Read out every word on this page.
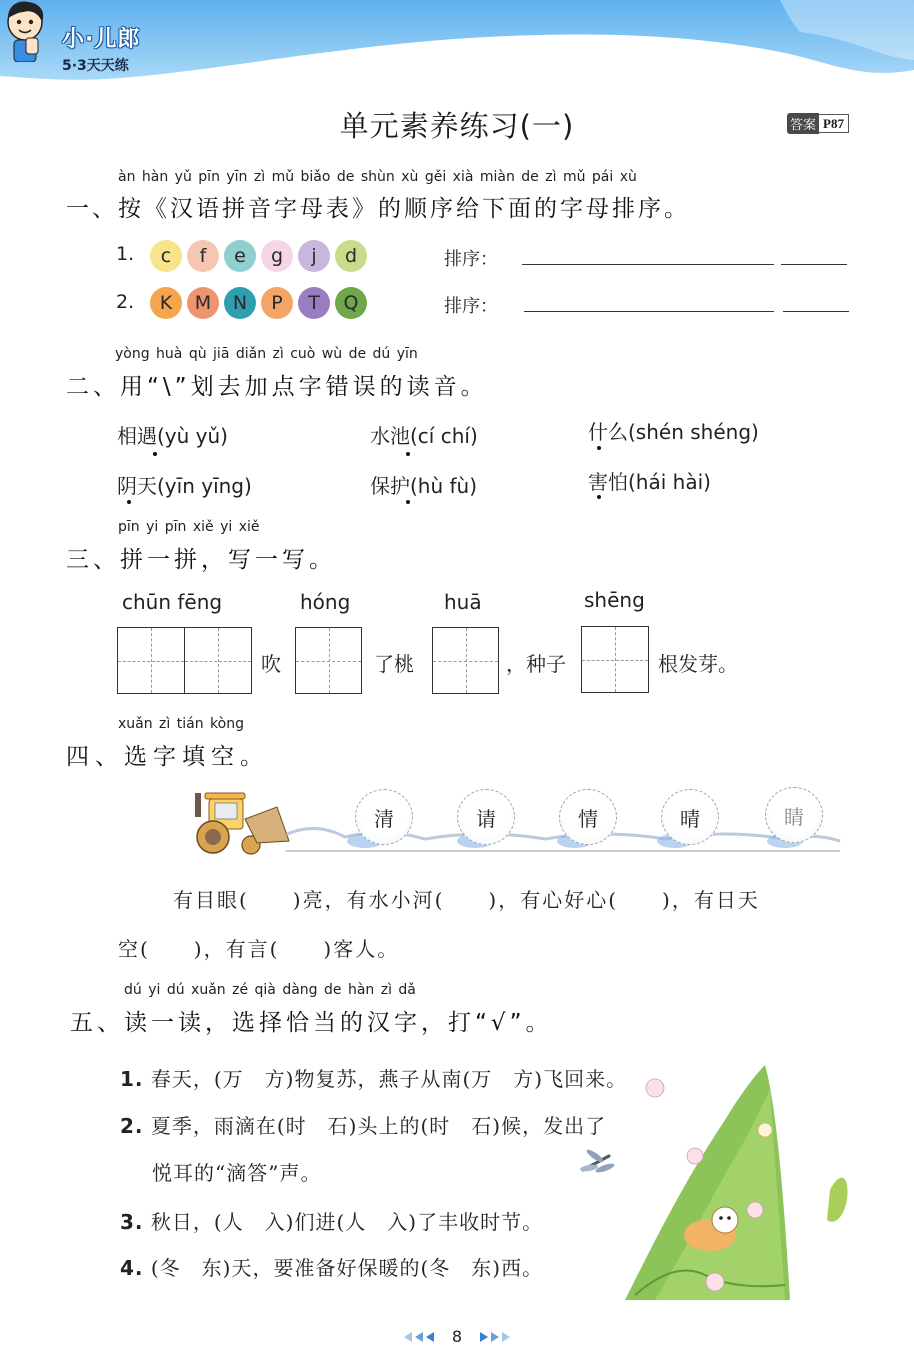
小·儿郎
5·3天天练
单元素养练习(一)	答案 P87
àn hàn yǔ pīn yīn zì mǔ biǎo de shùn xù gěi xià miàn de zì mǔ pái xù
一、按《汉语拼音字母表》的顺序给下面的字母排序。
1.	c	f	e	g	j	d	排序：
2.	K	M	N	P	T	Q	排序：
yòng huà qù jiā diǎn zì cuò wù de dú yīn
二、用“\”划去加点字错误的读音。
相遇(yù yǔ)	水池(cí chí)	什么(shén shéng)
阴天(yīn yīng)	保护(hù fù)	害怕(hái hài)
pīn yi pīn xiě yi xiě
三、拼一拼，写一写。
chūn fēng	hóng	huā	shēng
吹	了桃	，种子	根发芽。
xuǎn zì tián kòng
四、选字填空。
清	请	情	晴	睛
有目眼(　　)亮，有水小河(　　)，有心好心(　　)，有日天
空(　　)，有言(　　)客人。
dú yi dú xuǎn zé qià dàng de hàn zì dǎ
五、读一读，选择恰当的汉字，打“√”。
1. 春天，(万　方)物复苏，燕子从南(万　方)飞回来。
2. 夏季，雨滴在(时　石)头上的(时　石)候，发出了
悦耳的“滴答”声。
3. 秋日，(人　入)们进(人　入)了丰收时节。
4. (冬　东)天，要准备好保暖的(冬　东)西。
8
